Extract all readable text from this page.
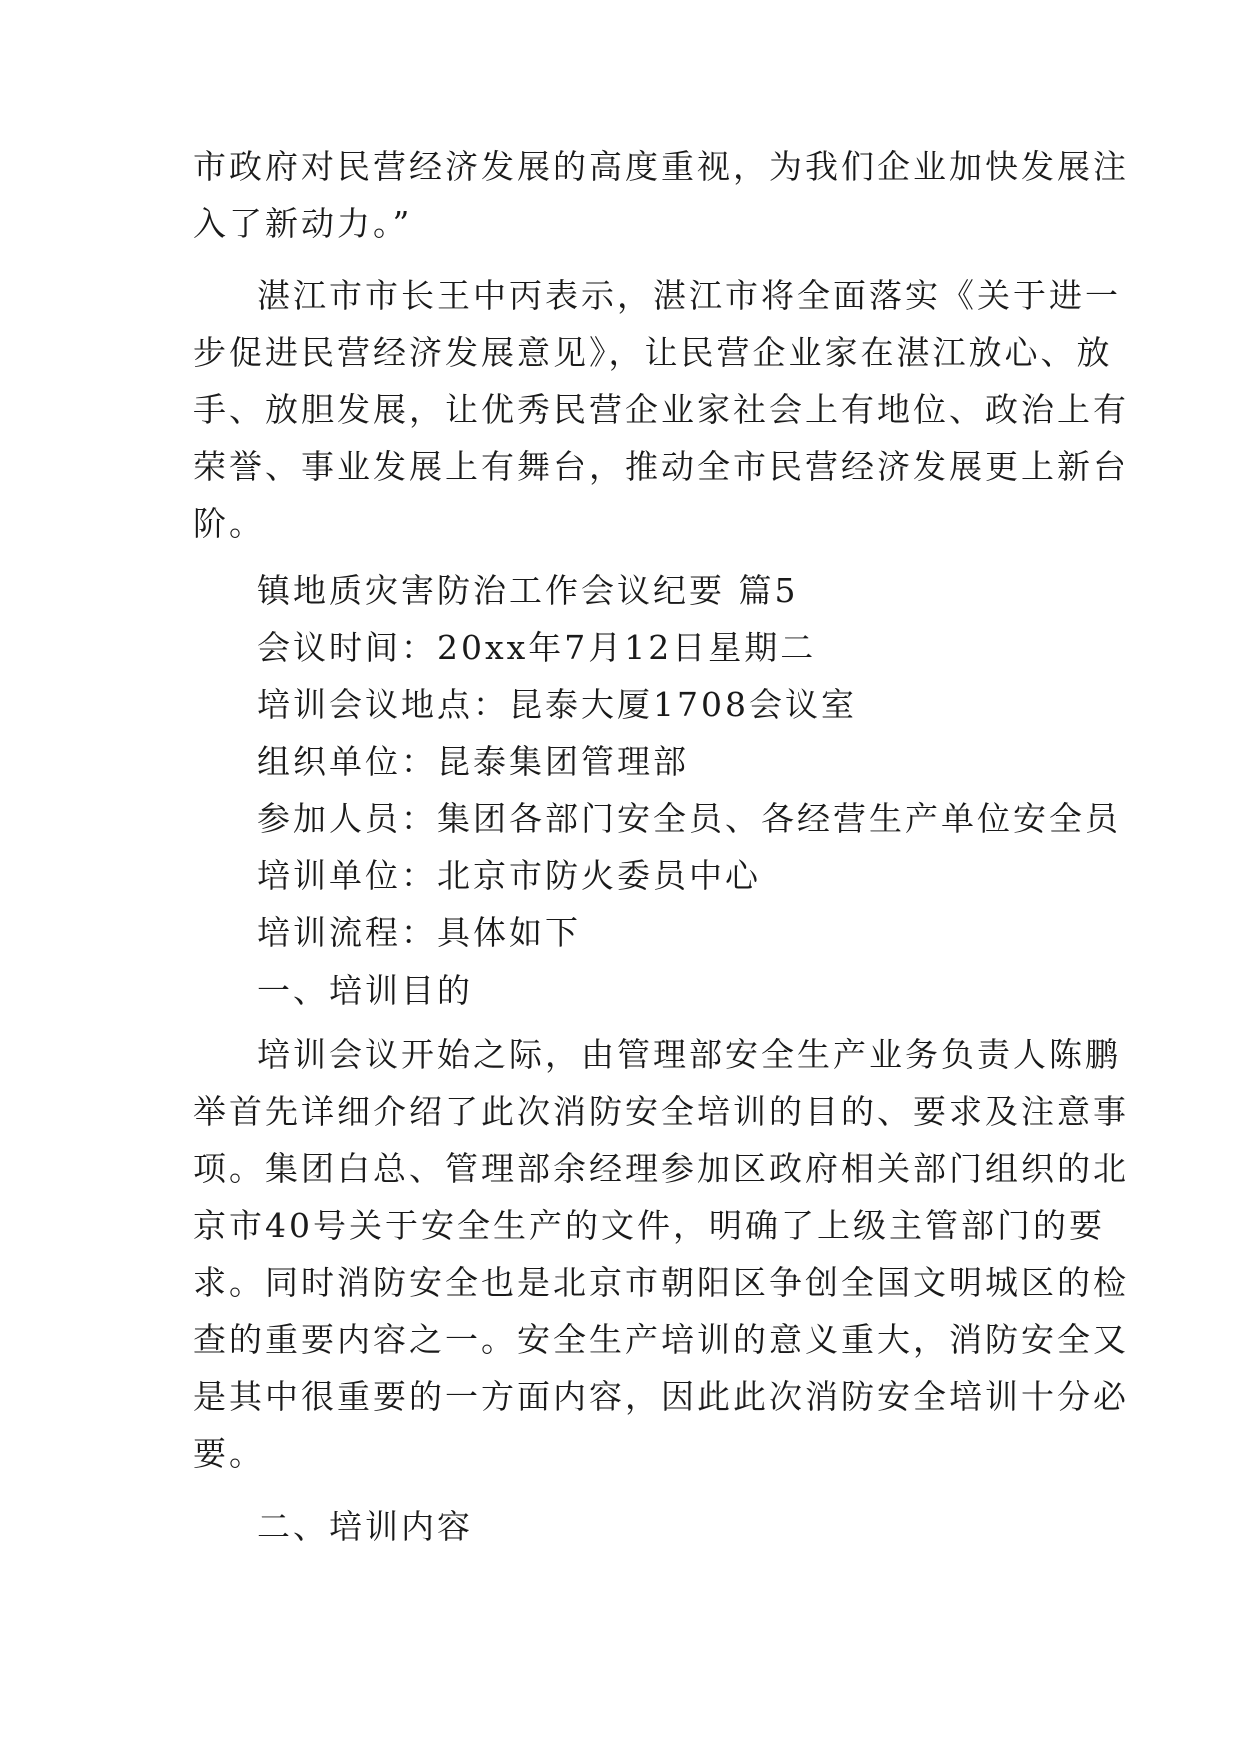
市政府对民营经济发展的高度重视，为我们企业加快发展注
入了新动力。”
湛江市市长王中丙表示，湛江市将全面落实《关于进一
步促进民营经济发展意见》，让民营企业家在湛江放心、放
手、放胆发展，让优秀民营企业家社会上有地位、政治上有
荣誉、事业发展上有舞台，推动全市民营经济发展更上新台
阶。
镇地质灾害防治工作会议纪要 篇5
会议时间：20xx年7月12日星期二
培训会议地点：昆泰大厦1708会议室
组织单位：昆泰集团管理部
参加人员：集团各部门安全员、各经营生产单位安全员
培训单位：北京市防火委员中心
培训流程：具体如下
一、培训目的
培训会议开始之际，由管理部安全生产业务负责人陈鹏
举首先详细介绍了此次消防安全培训的目的、要求及注意事
项。集团白总、管理部余经理参加区政府相关部门组织的北
京市40号关于安全生产的文件，明确了上级主管部门的要
求。同时消防安全也是北京市朝阳区争创全国文明城区的检
查的重要内容之一。安全生产培训的意义重大，消防安全又
是其中很重要的一方面内容，因此此次消防安全培训十分必
要。
二、培训内容
